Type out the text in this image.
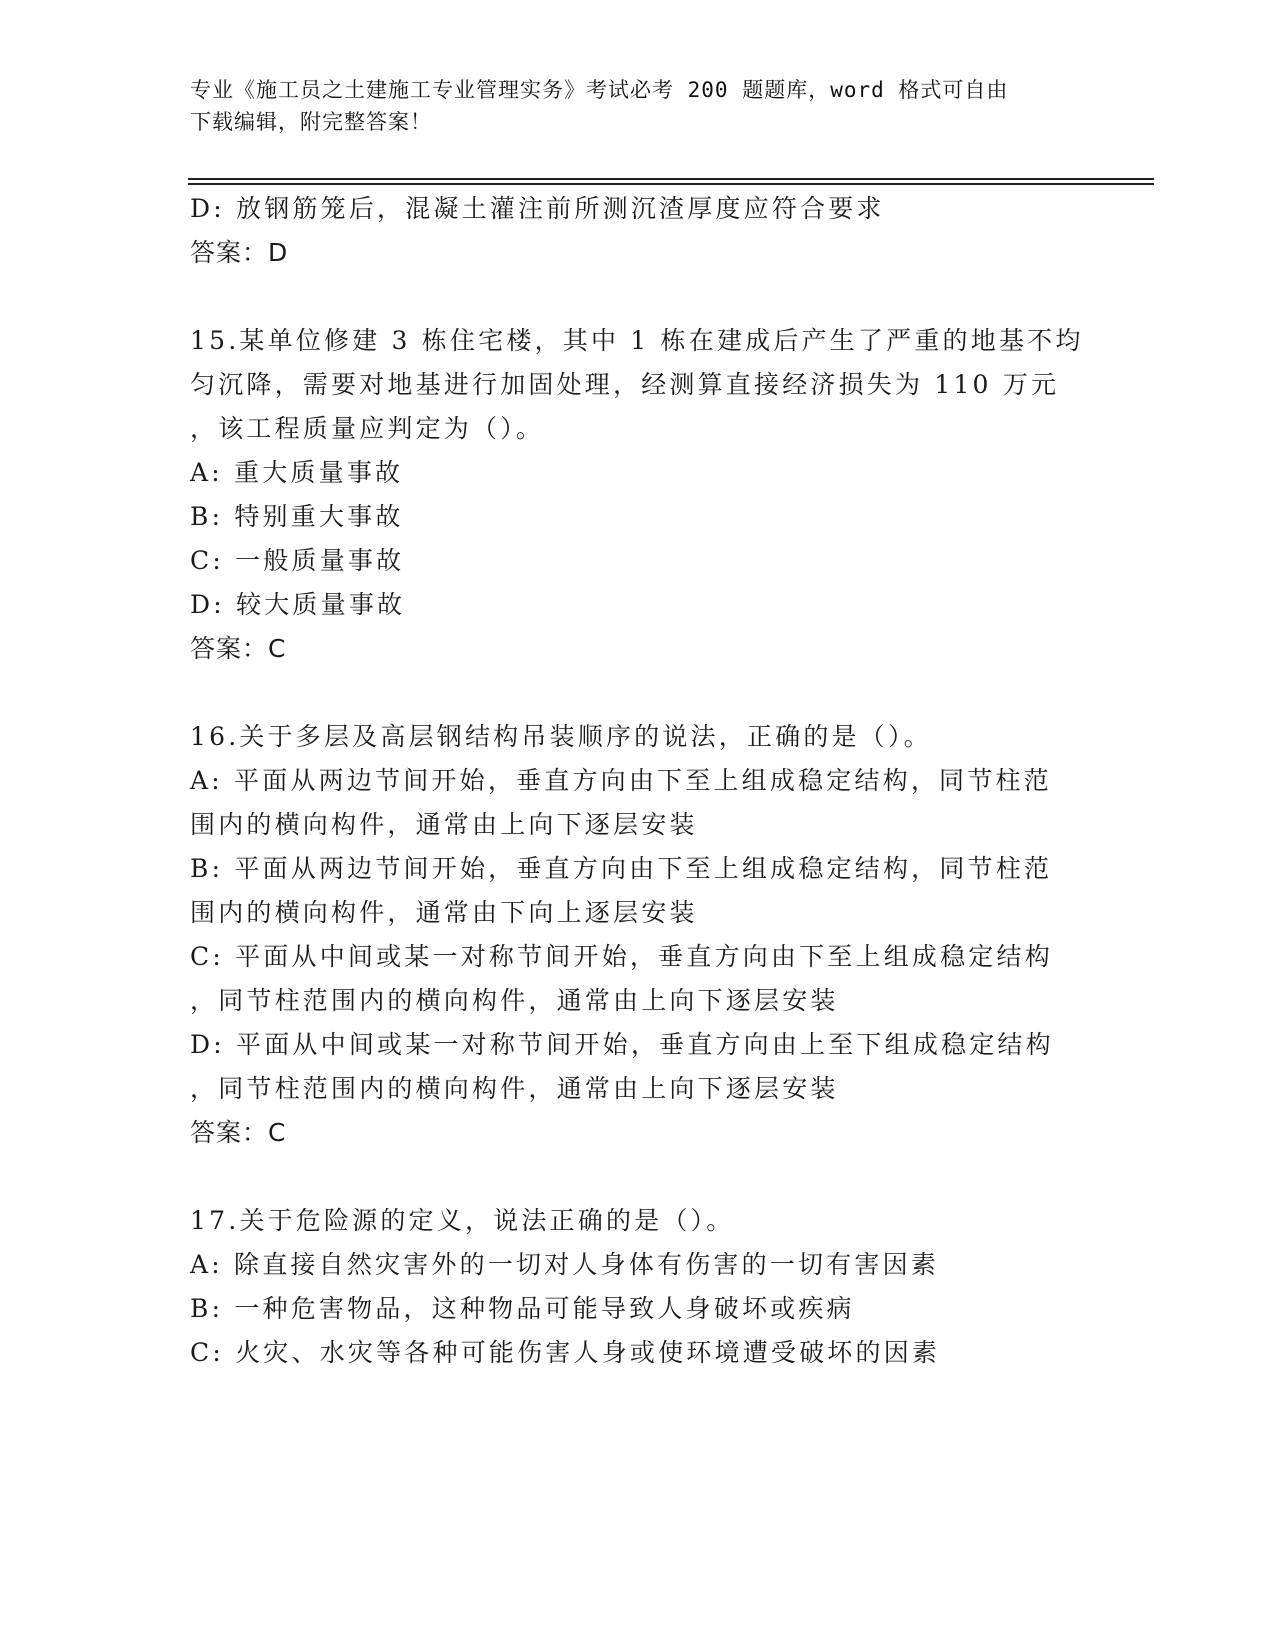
专业《施工员之土建施工专业管理实务》考试必考 200 题题库，word 格式可自由
下载编辑，附完整答案！
D: 放钢筋笼后，混凝土灌注前所测沉渣厚度应符合要求
答案：D
15.某单位修建 3 栋住宅楼，其中 1 栋在建成后产生了严重的地基不均
匀沉降，需要对地基进行加固处理，经测算直接经济损失为 110 万元
，该工程质量应判定为（）。
A: 重大质量事故
B: 特别重大事故
C: 一般质量事故
D: 较大质量事故
答案：C
16.关于多层及高层钢结构吊装顺序的说法，正确的是（）。
A: 平面从两边节间开始，垂直方向由下至上组成稳定结构，同节柱范
围内的横向构件，通常由上向下逐层安装
B: 平面从两边节间开始，垂直方向由下至上组成稳定结构，同节柱范
围内的横向构件，通常由下向上逐层安装
C: 平面从中间或某一对称节间开始，垂直方向由下至上组成稳定结构
，同节柱范围内的横向构件，通常由上向下逐层安装
D: 平面从中间或某一对称节间开始，垂直方向由上至下组成稳定结构
，同节柱范围内的横向构件，通常由上向下逐层安装
答案：C
17.关于危险源的定义，说法正确的是（）。
A: 除直接自然灾害外的一切对人身体有伤害的一切有害因素
B: 一种危害物品，这种物品可能导致人身破坏或疾病
C: 火灾、水灾等各种可能伤害人身或使环境遭受破坏的因素
